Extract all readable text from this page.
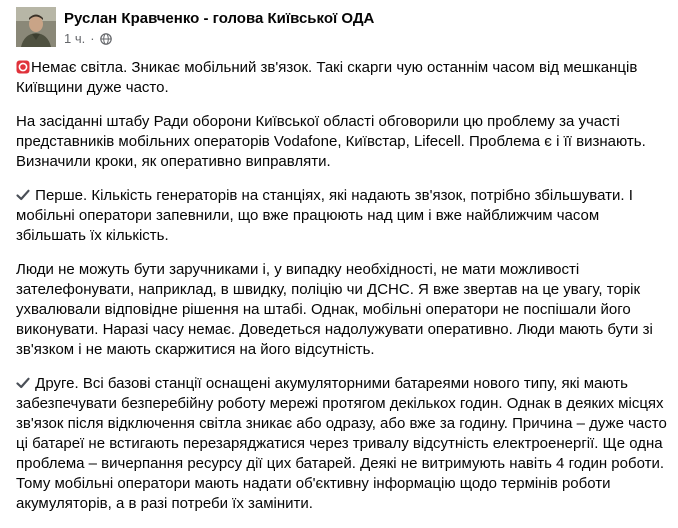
Руслан Кравченко - голова Київської ОДА
1 ч. ·

Немає світла. Зникає мобільний зв'язок. Такі скарги чую останнім часом від мешканців
Київщини дуже часто.

На засіданні штабу Ради оборони Київської області обговорили цю проблему за участі
представників мобільних операторів Vodafone, Київстар, Lifecell. Проблема є і її визнають.
Визначили кроки, як оперативно виправляти.

Перше. Кількість генераторів на станціях, які надають зв'язок, потрібно збільшувати. І
мобільні оператори запевнили, що вже працюють над цим і вже найближчим часом
збільшать їх кількість.

Люди не можуть бути заручниками і, у випадку необхідності, не мати можливості
зателефонувати, наприклад, в швидку, поліцію чи ДСНС. Я вже звертав на це увагу, торік
ухвалювали відповідне рішення на штабі. Однак, мобільні оператори не поспішали його
виконувати. Наразі часу немає. Доведеться надолужувати оперативно. Люди мають бути зі
зв'язком і не мають скаржитися на його відсутність.

Друге. Всі базові станції оснащені акумуляторними батареями нового типу, які мають
забезпечувати безперебійну роботу мережі протягом декількох годин. Однак в деяких місцях
зв'язок після відключення світла зникає або одразу, або вже за годину. Причина – дуже часто
ці батареї не встигають перезаряджатися через тривалу відсутність електроенергії. Ще одна
проблема – вичерпання ресурсу дії цих батарей. Деякі не витримують навіть 4 годин роботи.
Тому мобільні оператори мають надати об'єктивну інформацію щодо термінів роботи
акумуляторів, а в разі потреби їх замінити.
